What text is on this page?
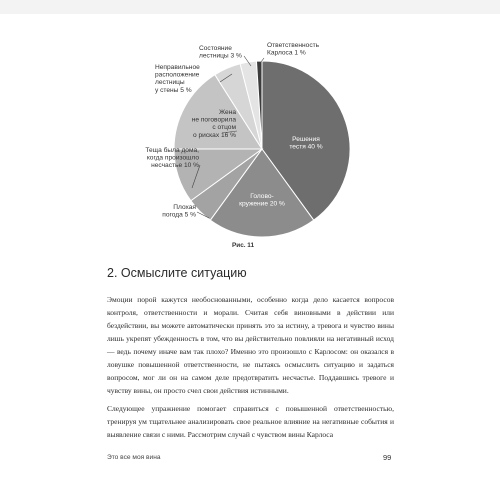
Решения тестя 40 %
Голово-кружение 20 %
Плохая погода 5 %
Теща была дома, когда произошло несчастье 10 %
Жена не поговорила с отцом о рисках 16 %
Неправильное расположение лестницы у стены 5 %
Состояние лестницы 3 %
Ответственность Карлоса 1 %
Рис. 11
2. Осмыслите ситуацию

Эмоции порой кажутся необоснованными, особенно когда дело касается вопросов контроля, ответственности и морали. Считая себя виновными в действии или бездействии, вы можете автоматически принять это за истину, а тревога и чувство вины лишь укрепят убежденность в том, что вы действительно повлияли на негативный исход — ведь почему иначе вам так плохо? Именно это произошло с Карлосом: он оказался в ловушке повышенной ответственности, не пытаясь осмыслить ситуацию и задаться вопросом, мог ли он на самом деле предотвратить несчастье. Поддавшись тревоге и чувству вины, он просто счел свои действия истинными.

Следующее упражнение помогает справиться с повышенной ответственностью, тренируя ум тщательнее анализировать свое реальное влияние на негативные события и выявление связи с ними. Рассмотрим случай с чувством вины Карлоса

Это все моя вина	99
